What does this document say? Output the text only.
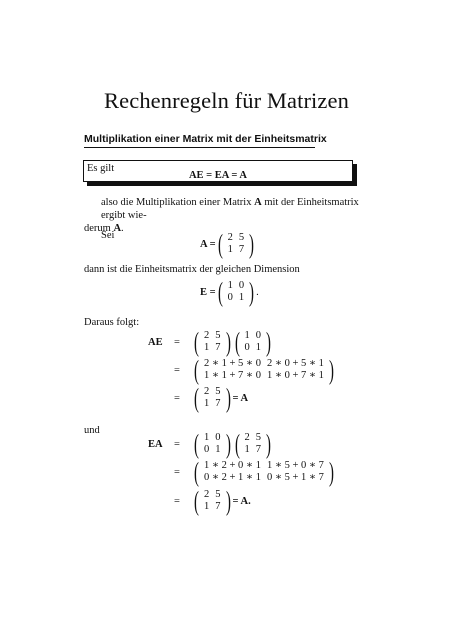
Rechenregeln für Matrizen
Multiplikation einer Matrix mit der Einheitsmatrix
Es gilt
AE = EA = A
also die Multiplikation einer Matrix A mit der Einheitsmatrix ergibt wie-
derum A.
Sei
A = ( 2	5
1	7 )
dann ist die Einheitsmatrix der gleichen Dimension
E = ( 1	0
0	1 ) .
Daraus folgt:
AE	= ( 2	5
1	7 ) ( 1	0
0	1 )
= ( 2 ∗ 1 + 5 ∗ 0	2 ∗ 0 + 5 ∗ 1
1 ∗ 1 + 7 ∗ 0	1 ∗ 0 + 7 ∗ 1 )
= ( 2	5
1	7 ) = A
und
EA	= ( 1	0
0	1 ) ( 2	5
1	7 )
= ( 1 ∗ 2 + 0 ∗ 1	1 ∗ 5 + 0 ∗ 7
0 ∗ 2 + 1 ∗ 1	0 ∗ 5 + 1 ∗ 7 )
= ( 2	5
1	7 ) = A.
